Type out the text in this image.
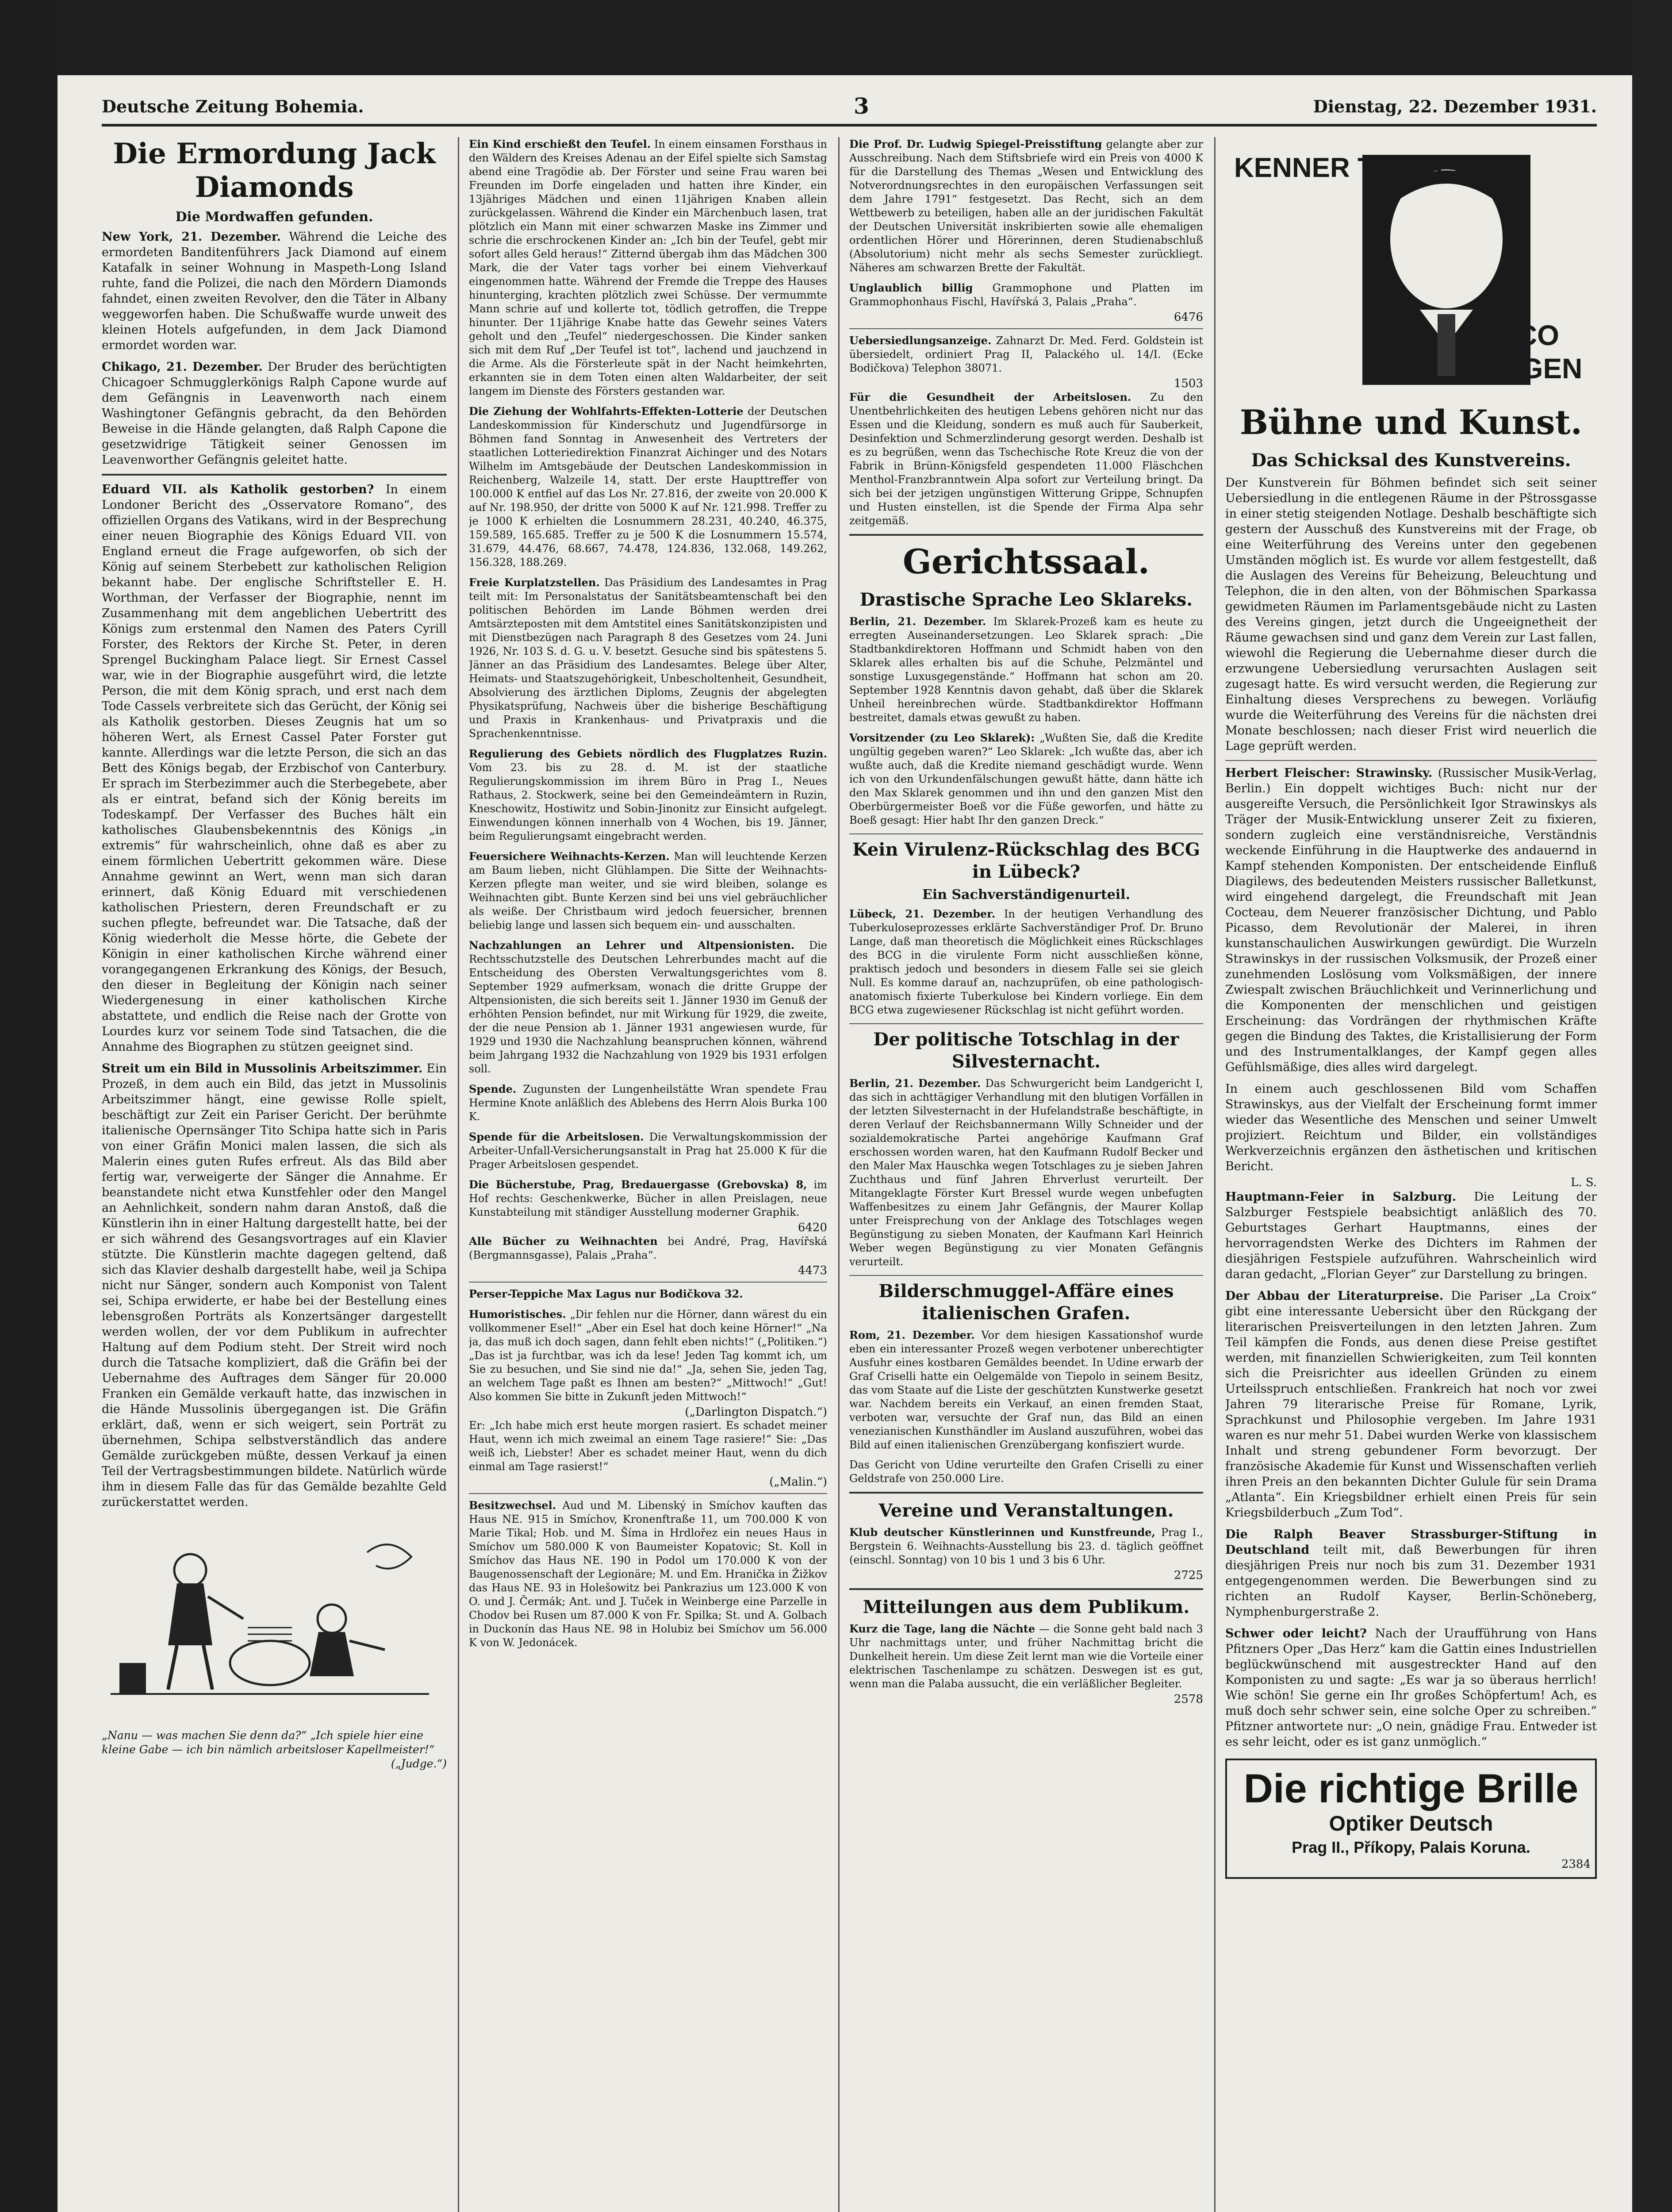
Deutsche Zeitung Bohemia.	3	Dienstag, 22. Dezember 1931.
Die Ermordung Jack Diamonds
Die Mordwaffen gefunden.

New York, 21. Dezember. Während die Leiche des ermordeten Banditenführers Jack Diamond auf einem Katafalk in seiner Wohnung in Maspeth-Long Island ruhte, fand die Polizei, die nach den Mördern Diamonds fahndet, einen zweiten Revolver, den die Täter in Albany weggeworfen haben. Die Schußwaffe wurde unweit des kleinen Hotels aufgefunden, in dem Jack Diamond ermordet worden war.

Chikago, 21. Dezember. Der Bruder des berüchtigten Chicagoer Schmugglerkönigs Ralph Capone wurde auf dem Gefängnis in Leavenworth nach einem Washingtoner Gefängnis gebracht, da den Behörden Beweise in die Hände gelangten, daß Ralph Capone die gesetzwidrige Tätigkeit seiner Genossen im Leavenworther Gefängnis geleitet hatte.

Eduard VII. als Katholik gestorben? In einem Londoner Bericht des „Osservatore Romano“, des offiziellen Organs des Vatikans, wird in der Besprechung einer neuen Biographie des Königs Eduard VII. von England erneut die Frage aufgeworfen, ob sich der König auf seinem Sterbebett zur katholischen Religion bekannt habe. Der englische Schriftsteller E. H. Worthman, der Verfasser der Biographie, nennt im Zusammenhang mit dem angeblichen Uebertritt des Königs zum erstenmal den Namen des Paters Cyrill Forster, des Rektors der Kirche St. Peter, in deren Sprengel Buckingham Palace liegt. Sir Ernest Cassel war, wie in der Biographie ausgeführt wird, die letzte Person, die mit dem König sprach, und erst nach dem Tode Cassels verbreitete sich das Gerücht, der König sei als Katholik gestorben. Dieses Zeugnis hat um so höheren Wert, als Ernest Cassel Pater Forster gut kannte. Allerdings war die letzte Person, die sich an das Bett des Königs begab, der Erzbischof von Canterbury. Er sprach im Sterbezimmer auch die Sterbegebete, aber als er eintrat, befand sich der König bereits im Todeskampf. Der Verfasser des Buches hält ein katholisches Glaubensbekenntnis des Königs „in extremis“ für wahrscheinlich, ohne daß es aber zu einem förmlichen Uebertritt gekommen wäre. Diese Annahme gewinnt an Wert, wenn man sich daran erinnert, daß König Eduard mit verschiedenen katholischen Priestern, deren Freundschaft er zu suchen pflegte, befreundet war. Die Tatsache, daß der König wiederholt die Messe hörte, die Gebete der Königin in einer katholischen Kirche während einer vorangegangenen Erkrankung des Königs, der Besuch, den dieser in Begleitung der Königin nach seiner Wiedergenesung in einer katholischen Kirche abstattete, und endlich die Reise nach der Grotte von Lourdes kurz vor seinem Tode sind Tatsachen, die die Annahme des Biographen zu stützen geeignet sind.

Streit um ein Bild in Mussolinis Arbeitszimmer. Ein Prozeß, in dem auch ein Bild, das jetzt in Mussolinis Arbeitszimmer hängt, eine gewisse Rolle spielt, beschäftigt zur Zeit ein Pariser Gericht. Der berühmte italienische Opernsänger Tito Schipa hatte sich in Paris von einer Gräfin Monici malen lassen, die sich als Malerin eines guten Rufes erfreut. Als das Bild aber fertig war, verweigerte der Sänger die Annahme. Er beanstandete nicht etwa Kunstfehler oder den Mangel an Aehnlichkeit, sondern nahm daran Anstoß, daß die Künstlerin ihn in einer Haltung dargestellt hatte, bei der er sich während des Gesangsvortrages auf ein Klavier stützte. Die Künstlerin machte dagegen geltend, daß sich das Klavier deshalb dargestellt habe, weil ja Schipa nicht nur Sänger, sondern auch Komponist von Talent sei, Schipa erwiderte, er habe bei der Bestellung eines lebensgroßen Porträts als Konzertsänger dargestellt werden wollen, der vor dem Publikum in aufrechter Haltung auf dem Podium steht. Der Streit wird noch durch die Tatsache kompliziert, daß die Gräfin bei der Uebernahme des Auftrages dem Sänger für 20.000 Franken ein Gemälde verkauft hatte, das inzwischen in die Hände Mussolinis übergegangen ist. Die Gräfin erklärt, daß, wenn er sich weigert, sein Porträt zu übernehmen, Schipa selbstverständlich das andere Gemälde zurückgeben müßte, dessen Verkauf ja einen Teil der Vertragsbestimmungen bildete. Natürlich würde ihm in diesem Falle das für das Gemälde bezahlte Geld zurückerstattet werden.

„Nanu — was machen Sie denn da?“ „Ich spiele hier eine kleine Gabe — ich bin nämlich arbeitsloser Kapellmeister!“
(„Judge.“)

Ein Kind erschießt den Teufel. In einem einsamen Forsthaus in den Wäldern des Kreises Adenau an der Eifel spielte sich Samstag abend eine Tragödie ab. Der Förster und seine Frau waren bei Freunden im Dorfe eingeladen und hatten ihre Kinder, ein 13jähriges Mädchen und einen 11jährigen Knaben allein zurückgelassen. Während die Kinder ein Märchenbuch lasen, trat plötzlich ein Mann mit einer schwarzen Maske ins Zimmer und schrie die erschrockenen Kinder an: „Ich bin der Teufel, gebt mir sofort alles Geld heraus!“ Zitternd übergab ihm das Mädchen 300 Mark, die der Vater tags vorher bei einem Viehverkauf eingenommen hatte. Während der Fremde die Treppe des Hauses hinunterging, krachten plötzlich zwei Schüsse. Der vermummte Mann schrie auf und kollerte tot, tödlich getroffen, die Treppe hinunter. Der 11jährige Knabe hatte das Gewehr seines Vaters geholt und den „Teufel“ niedergeschossen. Die Kinder sanken sich mit dem Ruf „Der Teufel ist tot“, lachend und jauchzend in die Arme. Als die Försterleute spät in der Nacht heimkehrten, erkannten sie in dem Toten einen alten Waldarbeiter, der seit langem im Dienste des Försters gestanden war.

Die Ziehung der Wohlfahrts-Effekten-Lotterie der Deutschen Landeskommission für Kinderschutz und Jugendfürsorge in Böhmen fand Sonntag in Anwesenheit des Vertreters der staatlichen Lotteriedirektion Finanzrat Aichinger und des Notars Wilhelm im Amtsgebäude der Deutschen Landeskommission in Reichenberg, Walzeile 14, statt. Der erste Haupttreffer von 100.000 K entfiel auf das Los Nr. 27.816, der zweite von 20.000 K auf Nr. 198.950, der dritte von 5000 K auf Nr. 121.998. Treffer zu je 1000 K erhielten die Losnummern 28.231, 40.240, 46.375, 159.589, 165.685. Treffer zu je 500 K die Losnummern 15.574, 31.679, 44.476, 68.667, 74.478, 124.836, 132.068, 149.262, 156.328, 188.269.

Freie Kurplatzstellen. Das Präsidium des Landesamtes in Prag teilt mit: Im Personalstatus der Sanitätsbeamtenschaft bei den politischen Behörden im Lande Böhmen werden drei Amtsärzteposten mit dem Amtstitel eines Sanitätskonzipisten und mit Dienstbezügen nach Paragraph 8 des Gesetzes vom 24. Juni 1926, Nr. 103 S. d. G. u. V. besetzt. Gesuche sind bis spätestens 5. Jänner an das Präsidium des Landesamtes. Belege über Alter, Heimats- und Staatszugehörigkeit, Unbescholtenheit, Gesundheit, Absolvierung des ärztlichen Diploms, Zeugnis der abgelegten Physikatsprüfung, Nachweis über die bisherige Beschäftigung und Praxis in Krankenhaus- und Privatpraxis und die Sprachenkenntnisse.

Regulierung des Gebiets nördlich des Flugplatzes Ruzin. Vom 23. bis zu 28. d. M. ist der staatliche Regulierungskommission im ihrem Büro in Prag I., Neues Rathaus, 2. Stockwerk, seine bei den Gemeindeämtern in Ruzin, Kneschowitz, Hostiwitz und Sobin-Jinonitz zur Einsicht aufgelegt. Einwendungen können innerhalb von 4 Wochen, bis 19. Jänner, beim Regulierungsamt eingebracht werden.

Feuersichere Weihnachts-Kerzen. Man will leuchtende Kerzen am Baum lieben, nicht Glühlampen. Die Sitte der Weihnachts-Kerzen pflegte man weiter, und sie wird bleiben, solange es Weihnachten gibt. Bunte Kerzen sind bei uns viel gebräuchlicher als weiße. Der Christbaum wird jedoch feuersicher, brennen beliebig lange und lassen sich bequem ein- und ausschalten.

Nachzahlungen an Lehrer und Altpensionisten. Die Rechtsschutzstelle des Deutschen Lehrerbundes macht auf die Entscheidung des Obersten Verwaltungsgerichtes vom 8. September 1929 aufmerksam, wonach die dritte Gruppe der Altpensionisten, die sich bereits seit 1. Jänner 1930 im Genuß der erhöhten Pension befindet, nur mit Wirkung für 1929, die zweite, der die neue Pension ab 1. Jänner 1931 angewiesen wurde, für 1929 und 1930 die Nachzahlung beanspruchen können, während beim Jahrgang 1932 die Nachzahlung von 1929 bis 1931 erfolgen soll.

Spende. Zugunsten der Lungenheilstätte Wran spendete Frau Hermine Knote anläßlich des Ablebens des Herrn Alois Burka 100 K.

Spende für die Arbeitslosen. Die Verwaltungskommission der Arbeiter-Unfall-Versicherungsanstalt in Prag hat 25.000 K für die Prager Arbeitslosen gespendet.

Die Bücherstube, Prag, Bredauergasse (Grebovska) 8, im Hof rechts: Geschenkwerke, Bücher in allen Preislagen, neue Kunstabteilung mit ständiger Ausstellung moderner Graphik.

6420

Alle Bücher zu Weihnachten bei André, Prag, Havířská (Bergmannsgasse), Palais „Praha“.

4473

Perser-Teppiche Max Lagus nur Bodičkova 32.

Humoristisches. „Dir fehlen nur die Hörner, dann wärest du ein vollkommener Esel!“ „Aber ein Esel hat doch keine Hörner!“ „Na ja, das muß ich doch sagen, dann fehlt eben nichts!“ („Politiken.“) „Das ist ja furchtbar, was ich da lese! Jeden Tag kommt ich, um Sie zu besuchen, und Sie sind nie da!“ „Ja, sehen Sie, jeden Tag, an welchem Tage paßt es Ihnen am besten?“ „Mittwoch!“ „Gut! Also kommen Sie bitte in Zukunft jeden Mittwoch!“

(„Darlington Dispatch.“)

Er: „Ich habe mich erst heute morgen rasiert. Es schadet meiner Haut, wenn ich mich zweimal an einem Tage rasiere!“ Sie: „Das weiß ich, Liebster! Aber es schadet meiner Haut, wenn du dich einmal am Tage rasierst!“

(„Malin.“)

Besitzwechsel. Aud und M. Libenský in Smíchov kauften das Haus NE. 915 in Smíchov, Kronenftraße 11, um 700.000 K von Marie Tikal; Hob. und M. Šíma in Hrdlořez ein neues Haus in Smíchov um 580.000 K von Baumeister Kopatovic; St. Koll in Smíchov das Haus NE. 190 in Podol um 170.000 K von der Baugenossenschaft der Legionäre; M. und Em. Hranička in Žižkov das Haus NE. 93 in Holešowitz bei Pankrazius um 123.000 K von O. und J. Čermák; Ant. und J. Tuček in Weinberge eine Parzelle in Chodov bei Rusen um 87.000 K von Fr. Spilka; St. und A. Golbach in Duckonín das Haus NE. 98 in Holubiz bei Smíchov um 56.000 K von W. Jedonácek.

Die Prof. Dr. Ludwig Spiegel-Preisstiftung gelangte aber zur Ausschreibung. Nach dem Stiftsbriefe wird ein Preis von 4000 K für die Darstellung des Themas „Wesen und Entwicklung des Notverordnungsrechtes in den europäischen Verfassungen seit dem Jahre 1791“ festgesetzt. Das Recht, sich an dem Wettbewerb zu beteiligen, haben alle an der juridischen Fakultät der Deutschen Universität inskribierten sowie alle ehemaligen ordentlichen Hörer und Hörerinnen, deren Studienabschluß (Absolutorium) nicht mehr als sechs Semester zurückliegt. Näheres am schwarzen Brette der Fakultät.

Unglaublich billig Grammophone und Platten im Grammophonhaus Fischl, Havířská 3, Palais „Praha“.

6476

Uebersiedlungsanzeige. Zahnarzt Dr. Med. Ferd. Goldstein ist übersiedelt, ordiniert Prag II, Palackého ul. 14/I. (Ecke Bodičkova) Telephon 38071.

1503

Für die Gesundheit der Arbeitslosen. Zu den Unentbehrlichkeiten des heutigen Lebens gehören nicht nur das Essen und die Kleidung, sondern es muß auch für Sauberkeit, Desinfektion und Schmerzlinderung gesorgt werden. Deshalb ist es zu begrüßen, wenn das Tschechische Rote Kreuz die von der Fabrik in Brünn-Königsfeld gespendeten 11.000 Fläschchen Menthol-Franzbranntwein Alpa sofort zur Verteilung bringt. Da sich bei der jetzigen ungünstigen Witterung Grippe, Schnupfen und Husten einstellen, ist die Spende der Firma Alpa sehr zeitgemäß.

Gerichtssaal.
Drastische Sprache Leo Sklareks.

Berlin, 21. Dezember. Im Sklarek-Prozeß kam es heute zu erregten Auseinandersetzungen. Leo Sklarek sprach: „Die Stadtbankdirektoren Hoffmann und Schmidt haben von den Sklarek alles erhalten bis auf die Schuhe, Pelzmäntel und sonstige Luxusgegenstände.“ Hoffmann hat schon am 20. September 1928 Kenntnis davon gehabt, daß über die Sklarek Unheil hereinbrechen würde. Stadtbankdirektor Hoffmann bestreitet, damals etwas gewußt zu haben.

Vorsitzender (zu Leo Sklarek): „Wußten Sie, daß die Kredite ungültig gegeben waren?“ Leo Sklarek: „Ich wußte das, aber ich wußte auch, daß die Kredite niemand geschädigt wurde. Wenn ich von den Urkundenfälschungen gewußt hätte, dann hätte ich den Max Sklarek genommen und ihn und den ganzen Mist den Oberbürgermeister Boeß vor die Füße geworfen, und hätte zu Boeß gesagt: Hier habt Ihr den ganzen Dreck.“

Kein Virulenz-Rückschlag des BCG in Lübeck?
Ein Sachverständigenurteil.

Lübeck, 21. Dezember. In der heutigen Verhandlung des Tuberkuloseprozesses erklärte Sachverständiger Prof. Dr. Bruno Lange, daß man theoretisch die Möglichkeit eines Rückschlages des BCG in die virulente Form nicht ausschließen könne, praktisch jedoch und besonders in diesem Falle sei sie gleich Null. Es komme darauf an, nachzuprüfen, ob eine pathologisch-anatomisch fixierte Tuberkulose bei Kindern vorliege. Ein dem BCG etwa zugewiesener Rückschlag ist nicht geführt worden.

Der politische Totschlag in der Silvesternacht.

Berlin, 21. Dezember. Das Schwurgericht beim Landgericht I, das sich in achttägiger Verhandlung mit den blutigen Vorfällen in der letzten Silvesternacht in der Hufelandstraße beschäftigte, in deren Verlauf der Reichsbannermann Willy Schneider und der sozialdemokratische Partei angehörige Kaufmann Graf erschossen worden waren, hat den Kaufmann Rudolf Becker und den Maler Max Hauschka wegen Totschlages zu je sieben Jahren Zuchthaus und fünf Jahren Ehrverlust verurteilt. Der Mitangeklagte Förster Kurt Bressel wurde wegen unbefugten Waffenbesitzes zu einem Jahr Gefängnis, der Maurer Kollap unter Freisprechung von der Anklage des Totschlages wegen Begünstigung zu sieben Monaten, der Kaufmann Karl Heinrich Weber wegen Begünstigung zu vier Monaten Gefängnis verurteilt.

Bilderschmuggel-Affäre eines italienischen Grafen.

Rom, 21. Dezember. Vor dem hiesigen Kassationshof wurde eben ein interessanter Prozeß wegen verbotener unberechtigter Ausfuhr eines kostbaren Gemäldes beendet. In Udine erwarb der Graf Criselli hatte ein Oelgemälde von Tiepolo in seinem Besitz, das vom Staate auf die Liste der geschützten Kunstwerke gesetzt war. Nachdem bereits ein Verkauf, an einen fremden Staat, verboten war, versuchte der Graf nun, das Bild an einen venezianischen Kunsthändler im Ausland auszuführen, wobei das Bild auf einen italienischen Grenzübergang konfisziert wurde.

Das Gericht von Udine verurteilte den Grafen Criselli zu einer Geldstrafe von 250.000 Lire.

Vereine und Veranstaltungen.

Klub deutscher Künstlerinnen und Kunstfreunde, Prag I., Bergstein 6. Weihnachts-Ausstellung bis 23. d. täglich geöffnet (einschl. Sonntag) von 10 bis 1 und 3 bis 6 Uhr.

2725
Mitteilungen aus dem Publikum.

Kurz die Tage, lang die Nächte — die Sonne geht bald nach 3 Uhr nachmittags unter, und früher Nachmittag bricht die Dunkelheit herein. Um diese Zeit lernt man wie die Vorteile einer elektrischen Taschenlampe zu schätzen. Deswegen ist es gut, wenn man die Palaba aussucht, die ein verläßlicher Begleiter.

2578
KENNER TRAGEN
ERCO
KRAGEN
Bühne und Kunst.
Das Schicksal des Kunstvereins.

Der Kunstverein für Böhmen befindet sich seit seiner Uebersiedlung in die entlegenen Räume in der Pštrossgasse in einer stetig steigenden Notlage. Deshalb beschäftigte sich gestern der Ausschuß des Kunstvereins mit der Frage, ob eine Weiterführung des Vereins unter den gegebenen Umständen möglich ist. Es wurde vor allem festgestellt, daß die Auslagen des Vereins für Beheizung, Beleuchtung und Telephon, die in den alten, von der Böhmischen Sparkassa gewidmeten Räumen im Parlamentsgebäude nicht zu Lasten des Vereins gingen, jetzt durch die Ungeeignetheit der Räume gewachsen sind und ganz dem Verein zur Last fallen, wiewohl die Regierung die Uebernahme dieser durch die erzwungene Uebersiedlung verursachten Auslagen seit zugesagt hatte. Es wird versucht werden, die Regierung zur Einhaltung dieses Versprechens zu bewegen. Vorläufig wurde die Weiterführung des Vereins für die nächsten drei Monate beschlossen; nach dieser Frist wird neuerlich die Lage geprüft werden.

Herbert Fleischer: Strawinsky. (Russischer Musik-Verlag, Berlin.) Ein doppelt wichtiges Buch: nicht nur der ausgereifte Versuch, die Persönlichkeit Igor Strawinskys als Träger der Musik-Entwicklung unserer Zeit zu fixieren, sondern zugleich eine verständnisreiche, Verständnis weckende Einführung in die Hauptwerke des andauernd in Kampf stehenden Komponisten. Der entscheidende Einfluß Diagilews, des bedeutenden Meisters russischer Balletkunst, wird eingehend dargelegt, die Freundschaft mit Jean Cocteau, dem Neuerer französischer Dichtung, und Pablo Picasso, dem Revolutionär der Malerei, in ihren kunstanschaulichen Auswirkungen gewürdigt. Die Wurzeln Strawinskys in der russischen Volksmusik, der Prozeß einer zunehmenden Loslösung vom Volksmäßigen, der innere Zwiespalt zwischen Bräuchlichkeit und Verinnerlichung und die Komponenten der menschlichen und geistigen Erscheinung: das Vordrängen der rhythmischen Kräfte gegen die Bindung des Taktes, die Kristallisierung der Form und des Instrumentalklanges, der Kampf gegen alles Gefühlsmäßige, dies alles wird dargelegt.

In einem auch geschlossenen Bild vom Schaffen Strawinskys, aus der Vielfalt der Erscheinung formt immer wieder das Wesentliche des Menschen und seiner Umwelt projiziert. Reichtum und Bilder, ein vollständiges Werkverzeichnis ergänzen den ästhetischen und kritischen Bericht.

L. S.

Hauptmann-Feier in Salzburg. Die Leitung der Salzburger Festspiele beabsichtigt anläßlich des 70. Geburtstages Gerhart Hauptmanns, eines der hervorragendsten Werke des Dichters im Rahmen der diesjährigen Festspiele aufzuführen. Wahrscheinlich wird daran gedacht, „Florian Geyer“ zur Darstellung zu bringen.

Der Abbau der Literaturpreise. Die Pariser „La Croix“ gibt eine interessante Uebersicht über den Rückgang der literarischen Preisverteilungen in den letzten Jahren. Zum Teil kämpfen die Fonds, aus denen diese Preise gestiftet werden, mit finanziellen Schwierigkeiten, zum Teil konnten sich die Preisrichter aus ideellen Gründen zu einem Urteilsspruch entschließen. Frankreich hat noch vor zwei Jahren 79 literarische Preise für Romane, Lyrik, Sprachkunst und Philosophie vergeben. Im Jahre 1931 waren es nur mehr 51. Dabei wurden Werke von klassischem Inhalt und streng gebundener Form bevorzugt. Der französische Akademie für Kunst und Wissenschaften verlieh ihren Preis an den bekannten Dichter Gulule für sein Drama „Atlanta“. Ein Kriegsbildner erhielt einen Preis für sein Kriegsbilderbuch „Zum Tod“.

Die Ralph Beaver Strassburger-Stiftung in Deutschland teilt mit, daß Bewerbungen für ihren diesjährigen Preis nur noch bis zum 31. Dezember 1931 entgegengenommen werden. Die Bewerbungen sind zu richten an Rudolf Kayser, Berlin-Schöneberg, Nymphenburgerstraße 2.

Schwer oder leicht? Nach der Uraufführung von Hans Pfitzners Oper „Das Herz“ kam die Gattin eines Industriellen beglückwünschend mit ausgestreckter Hand auf den Komponisten zu und sagte: „Es war ja so überaus herrlich! Wie schön! Sie gerne ein Ihr großes Schöpfertum! Ach, es muß doch sehr schwer sein, eine solche Oper zu schreiben.“ Pfitzner antwortete nur: „O nein, gnädige Frau. Entweder ist es sehr leicht, oder es ist ganz unmöglich.“

Die richtige Brille
Optiker Deutsch
Prag II., Příkopy, Palais Koruna.
2384
